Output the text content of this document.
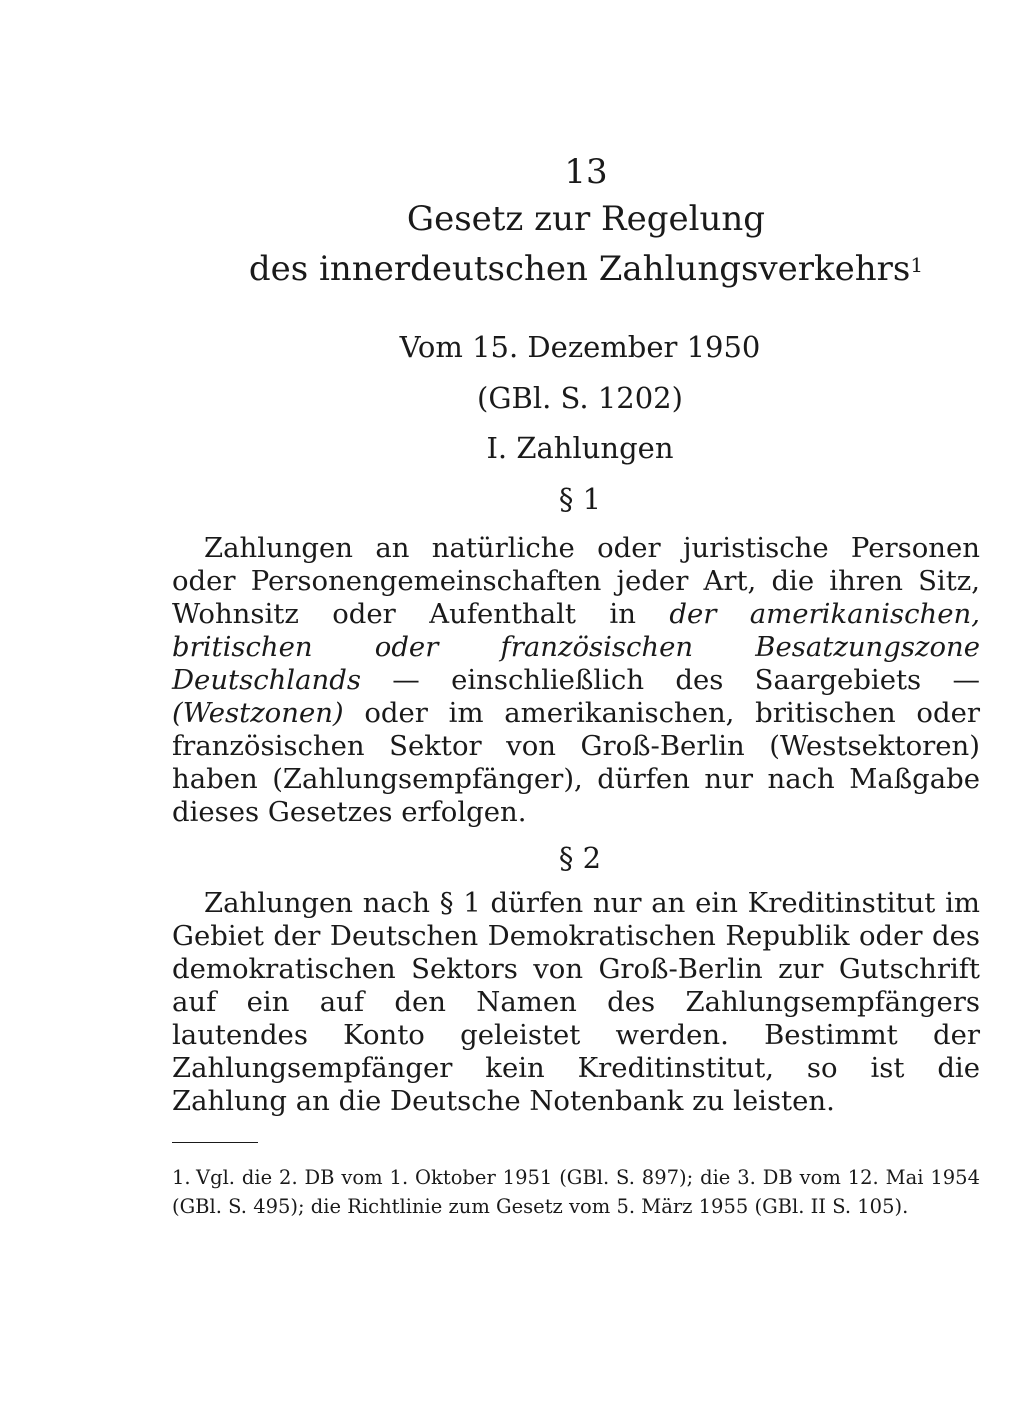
13
Gesetz zur Regelung
des innerdeutschen Zahlungsverkehrs$^1$
Vom 15. Dezember 1950
(GBl. S. 1202)
I. Zahlungen
§ 1
Zahlungen an natürliche oder juristische Personen oder Personengemeinschaften jeder Art, die ihren Sitz, Wohnsitz oder Aufenthalt in der amerikanischen, britischen oder französischen Besatzungszone Deutschlands — einschließlich des Saargebiets — (Westzonen) oder im amerikanischen, britischen oder französischen Sektor von Groß-Berlin (Westsektoren) haben (Zahlungsempfänger), dürfen nur nach Maßgabe dieses Gesetzes erfolgen.
§ 2
Zahlungen nach § 1 dürfen nur an ein Kreditinstitut im Gebiet der Deutschen Demokratischen Republik oder des demokratischen Sektors von Groß-Berlin zur Gutschrift auf ein auf den Namen des Zahlungsempfängers lautendes Konto geleistet werden. Bestimmt der Zahlungsempfänger kein Kreditinstitut, so ist die Zahlung an die Deutsche Notenbank zu leisten.
1. Vgl. die 2. DB vom 1. Oktober 1951 (GBl. S. 897); die 3. DB vom 12. Mai 1954 (GBl. S. 495); die Richtlinie zum Gesetz vom 5. März 1955 (GBl. II S. 105).
